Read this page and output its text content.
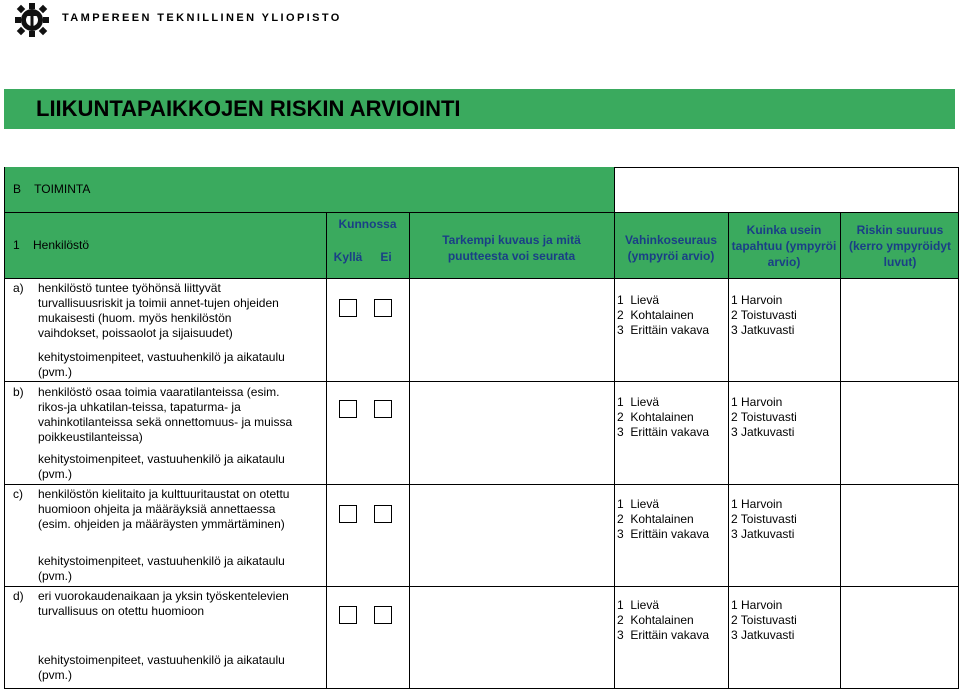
TAMPEREEN TEKNILLINEN YLIOPISTO
LIIKUNTAPAIKKOJEN RISKIN ARVIOINTI
B    TOIMINTA
1    Henkilöstö
Kunnossa
Kyllä	Ei
Tarkempi kuvaus ja mitä puutteesta voi seurata
Vahinkoseuraus (ympyröi arvio)
Kuinka usein tapahtuu (ympyröi arvio)
Riskin suuruus (kerro ympyröidyt luvut)
a) henkilöstö tuntee työhönsä liittyvät turvallisuusriskit ja toimii annet-tujen ohjeiden mukaisesti (huom. myös henkilöstön vaihdokset, poissaolot ja sijaisuudet)
kehitystoimenpiteet, vastuuhenkilö ja aikataulu (pvm.)
1  Lievä
2  Kohtalainen
3  Erittäin vakava
1 Harvoin
2 Toistuvasti
3 Jatkuvasti
b) henkilöstö osaa toimia vaaratilanteissa (esim. rikos-ja uhkatilan-teissa, tapaturma- ja vahinkotilanteissa sekä onnettomuus- ja muissa poikkeustilanteissa)
kehitystoimenpiteet, vastuuhenkilö ja aikataulu (pvm.)
1  Lievä
2  Kohtalainen
3  Erittäin vakava
1 Harvoin
2 Toistuvasti
3 Jatkuvasti
c) henkilöstön kielitaito ja kulttuuritaustat on otettu huomioon ohjeita ja määräyksiä annettaessa (esim. ohjeiden ja määräysten ymmärtäminen)
kehitystoimenpiteet, vastuuhenkilö ja aikataulu (pvm.)
1  Lievä
2  Kohtalainen
3  Erittäin vakava
1 Harvoin
2 Toistuvasti
3 Jatkuvasti
d) eri vuorokaudenaikaan ja yksin työskentelevien turvallisuus on otettu huomioon
kehitystoimenpiteet, vastuuhenkilö ja aikataulu (pvm.)
1  Lievä
2  Kohtalainen
3  Erittäin vakava
1 Harvoin
2 Toistuvasti
3 Jatkuvasti
